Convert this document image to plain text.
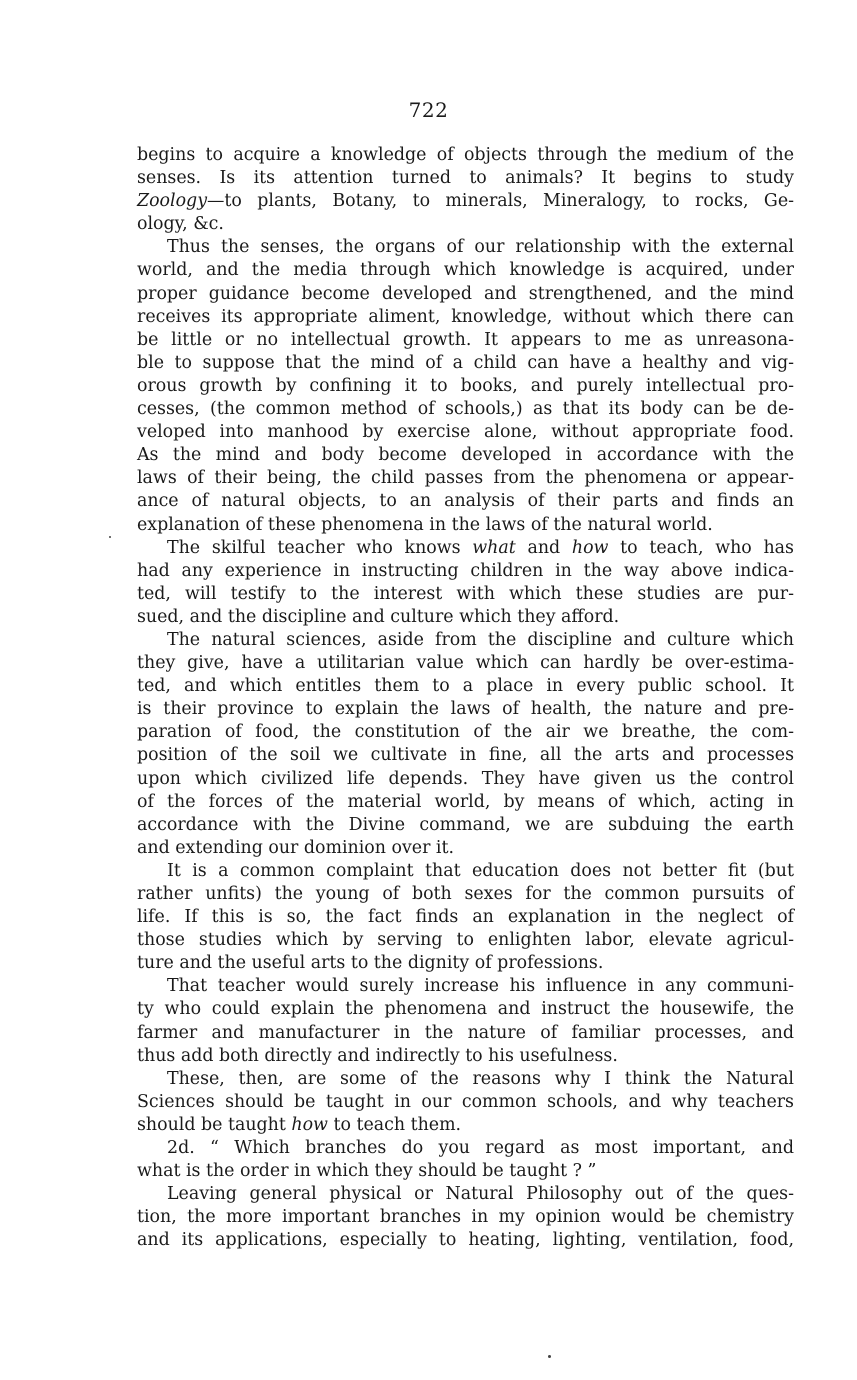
722
begins to acquire a knowledge of objects through the medium of the
senses. Is its attention turned to animals? It begins to study
Zoology—to plants, Botany, to minerals, Mineralogy, to rocks, Ge-
ology, &c.
Thus the senses, the organs of our relationship with the external
world, and the media through which knowledge is acquired, under
proper guidance become developed and strengthened, and the mind
receives its appropriate aliment, knowledge, without which there can
be little or no intellectual growth. It appears to me as unreasona-
ble to suppose that the mind of a child can have a healthy and vig-
orous growth by confining it to books, and purely intellectual pro-
cesses, (the common method of schools,) as that its body can be de-
veloped into manhood by exercise alone, without appropriate food.
As the mind and body become developed in accordance with the
laws of their being, the child passes from the phenomena or appear-
ance of natural objects, to an analysis of their parts and finds an
explanation of these phenomena in the laws of the natural world.
The skilful teacher who knows what and how to teach, who has
had any experience in instructing children in the way above indica-
ted, will testify to the interest with which these studies are pur-
sued, and the discipline and culture which they afford.
The natural sciences, aside from the discipline and culture which
they give, have a utilitarian value which can hardly be over-estima-
ted, and which entitles them to a place in every public school. It
is their province to explain the laws of health, the nature and pre-
paration of food, the constitution of the air we breathe, the com-
position of the soil we cultivate in fine, all the arts and processes
upon which civilized life depends. They have given us the control
of the forces of the material world, by means of which, acting in
accordance with the Divine command, we are subduing the earth
and extending our dominion over it.
It is a common complaint that education does not better fit (but
rather unfits) the young of both sexes for the common pursuits of
life. If this is so, the fact finds an explanation in the neglect of
those studies which by serving to enlighten labor, elevate agricul-
ture and the useful arts to the dignity of professions.
That teacher would surely increase his influence in any communi-
ty who could explain the phenomena and instruct the housewife, the
farmer and manufacturer in the nature of familiar processes, and
thus add both directly and indirectly to his usefulness.
These, then, are some of the reasons why I think the Natural
Sciences should be taught in our common schools, and why teachers
should be taught how to teach them.
2d. “ Which branches do you regard as most important, and
what is the order in which they should be taught ? ”
Leaving general physical or Natural Philosophy out of the ques-
tion, the more important branches in my opinion would be chemistry
and its applications, especially to heating, lighting, ventilation, food,
